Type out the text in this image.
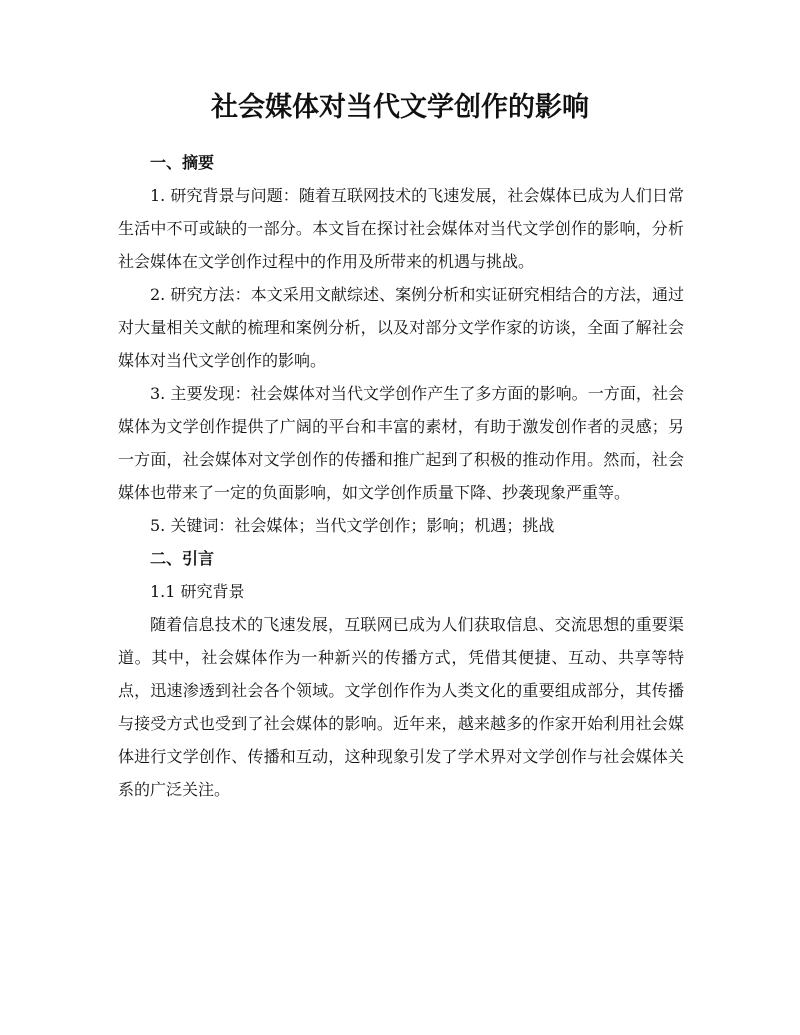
社会媒体对当代文学创作的影响

一、摘要

1. 研究背景与问题：随着互联网技术的飞速发展，社会媒体已成为人们日常生活中不可或缺的一部分。本文旨在探讨社会媒体对当代文学创作的影响，分析社会媒体在文学创作过程中的作用及所带来的机遇与挑战。

2. 研究方法：本文采用文献综述、案例分析和实证研究相结合的方法，通过对大量相关文献的梳理和案例分析，以及对部分文学作家的访谈，全面了解社会媒体对当代文学创作的影响。

3. 主要发现：社会媒体对当代文学创作产生了多方面的影响。一方面，社会媒体为文学创作提供了广阔的平台和丰富的素材，有助于激发创作者的灵感；另一方面，社会媒体对文学创作的传播和推广起到了积极的推动作用。然而，社会媒体也带来了一定的负面影响，如文学创作质量下降、抄袭现象严重等。

5. 关键词：社会媒体；当代文学创作；影响；机遇；挑战

二、引言

1.1 研究背景

随着信息技术的飞速发展，互联网已成为人们获取信息、交流思想的重要渠道。其中，社会媒体作为一种新兴的传播方式，凭借其便捷、互动、共享等特点，迅速渗透到社会各个领域。文学创作作为人类文化的重要组成部分，其传播与接受方式也受到了社会媒体的影响。近年来，越来越多的作家开始利用社会媒体进行文学创作、传播和互动，这种现象引发了学术界对文学创作与社会媒体关系的广泛关注。
